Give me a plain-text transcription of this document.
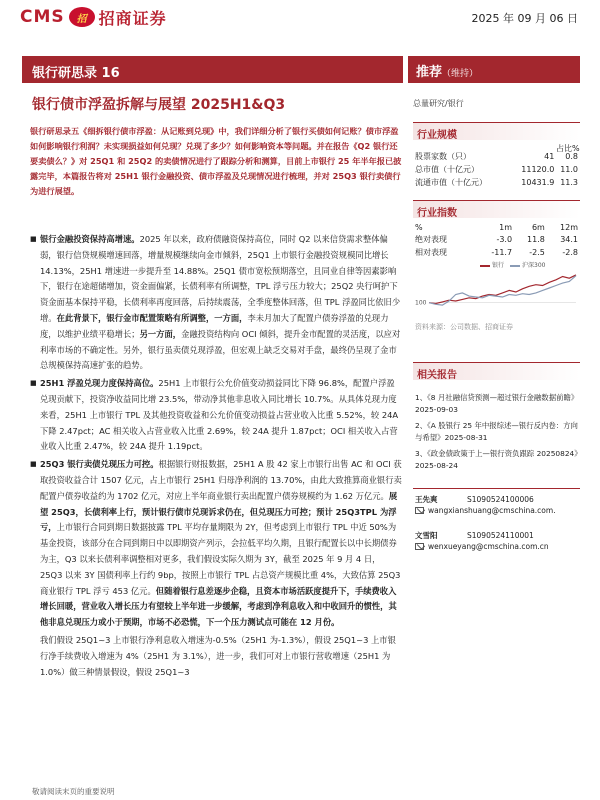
CMS	招 招商证券	2025 年 09 月 06 日
银行研思录 16	推荐（维持）
银行债市浮盈拆解与展望 2025H1&Q3	总量研究/银行
银行研思录五《细拆银行债市浮盈：从记账到兑现》中，我们详细分析了银行买债如何记账？债市浮盈如何影响银行利润？未实现损益如何兑现？兑现了多少？如何影响资本等问题。并在报告《Q2 银行还要卖债么？》对 25Q1 和 25Q2 的卖债情况进行了跟踪分析和测算，目前上市银行 25 年半年报已披露完毕，本篇报告将对 25H1 银行金融投资、债市浮盈及兑现情况进行梳理，并对 25Q3 银行卖债行为进行展望。

■ 银行金融投资保持高增速。2025 年以来，政府债融资保持高位，同时 Q2 以来信贷需求整体偏弱，银行信贷规模增速回落，增量规模继续向金市倾斜，25Q1 上市银行金融投资规模同比增长 14.13%，25H1 增速进一步提升至 14.88%。25Q1 债市宽松预期落空，且同业自律等因素影响下，银行在途超储增加，资金面偏紧，长债利率有所调整，TPL 浮亏压力较大；25Q2 央行呵护下资金面基本保持平稳，长债利率再度回落，后持续震荡，全季度整体回落，但 TPL 浮盈同比依旧少增。在此背景下，银行金市配置策略有所调整，一方面，李未月加大了配置户债券浮盈的兑现力度，以维护业绩平稳增长；另一方面，金融投资结构向 OCI 倾斜，提升金市配置的灵活度，以应对利率市场的不确定性。另外，银行虽卖债兑现浮盈，但宏观上缺乏交易对手盘，最终仍呈现了金市总规模保持高速扩张的趋势。

■ 25H1 浮盈兑现力度保持高位。25H1 上市银行公允价值变动损益同比下降 96.8%，配置户浮盈兑现贡献下，投资净收益同比增 23.5%，带动净其他非息收入同比增长 10.7%。从具体兑现力度来看，25H1 上市银行 TPL 及其他投资收益和公允价值变动损益占营业收入比重 5.52%，较 24A 下降 2.47pct；AC 相关收入占营业收入比重 2.69%，较 24A 提升 1.87pct；OCI 相关收入占营业收入比重 2.47%，较 24A 提升 1.19pct。

■ 25Q3 银行卖债兑现压力可控。根据银行财报数据，25H1 A 股 42 家上市银行出售 AC 和 OCI 获取投资收益合计 1507 亿元，占上市银行 25H1 归母净利润的 13.70%，由此大致推算商业银行卖配置户债券收益约为 1702 亿元，对应上半年商业银行卖出配置户债券规模约为 1.62 万亿元。展望 25Q3，长债利率上行，预计银行债市兑现诉求仍在，但兑现压力可控；预计 25Q3TPL 为浮亏，上市银行合同到期日数据披露 TPL 平均存量期限为 2Y，但考虑到上市银行 TPL 中近 50%为基金投资，该部分在合同到期日中以即期资产列示，会拉低平均久期，且银行配置长以中长期债券为主，Q3 以来长债利率调整相对更多，我们假设实际久期为 3Y，截至 2025 年 9 月 4 日，25Q3 以来 3Y 国债利率上行约 9bp，按照上市银行 TPL 占总资产规模比重 4%，大致估算 25Q3 商业银行 TPL 浮亏 453 亿元。但随着银行息差逐步企稳，且资本市场活跃度提升下，手续费收入增长回暖，营业收入增长压力有望较上半年进一步缓解，考虑到净利息收入和中收回升的惯性，其他非息兑现压力或小于预期，市场不必恐慌，下一个压力测试点可能在 12 月份。

我们假设 25Q1~3 上市银行净利息收入增速为-0.5%（25H1 为-1.3%），假设 25Q1~3 上市银行净手续费收入增速为 4%（25H1 为 3.1%），进一步，我们可对上市银行营收增速（25H1 为 1.0%）做三种情景假设，假设 25Q1~3

敬请阅读末页的重要说明
行业规模
占比%
股票家数（只）	41	0.8
总市值（十亿元）	11120.0	11.0
流通市值（十亿元）	10431.9	11.3
行业指数
%	1m	6m	12m
绝对表现	-3.0	11.8	34.1
相对表现	-11.7	-2.5	-2.8
银行	沪深300
100
资料来源：公司数据、招商证券
相关报告
1、《8 月社融信贷预测—超过银行金融数据前瞻》2025-09-03
2、《A 股银行 25 年中报综述—银行反内卷：方向与希望》2025-08-31
3、《政金债政策于上—银行资负跟踪 20250824》2025-08-24
王先爽	S1090524100006
wangxianshuang@cmschina.com.
文雪阳	S1090524110001
wenxueyang@cmschina.com.cn
